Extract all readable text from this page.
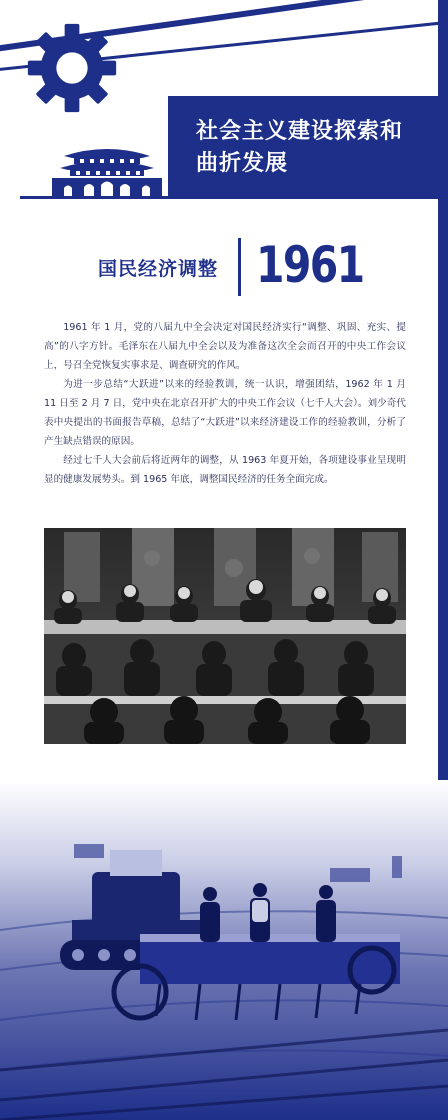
社会主义建设探索和
曲折发展
国民经济调整 1961

1961 年 1 月，党的八届九中全会决定对国民经济实行“调整、巩固、充实、提高”的八字方针。毛泽东在八届九中全会以及为准备这次全会而召开的中央工作会议上，号召全党恢复实事求是、调查研究的作风。

为进一步总结“大跃进”以来的经验教训，统一认识，增强团结，1962 年 1 月 11 日至 2 月 7 日，党中央在北京召开扩大的中央工作会议（七千人大会）。刘少奇代表中央提出的书面报告草稿，总结了“大跃进”以来经济建设工作的经验教训，分析了产生缺点错误的原因。

经过七千人大会前后将近两年的调整，从 1963 年夏开始，各项建设事业呈现明显的健康发展势头。到 1965 年底，调整国民经济的任务全面完成。
